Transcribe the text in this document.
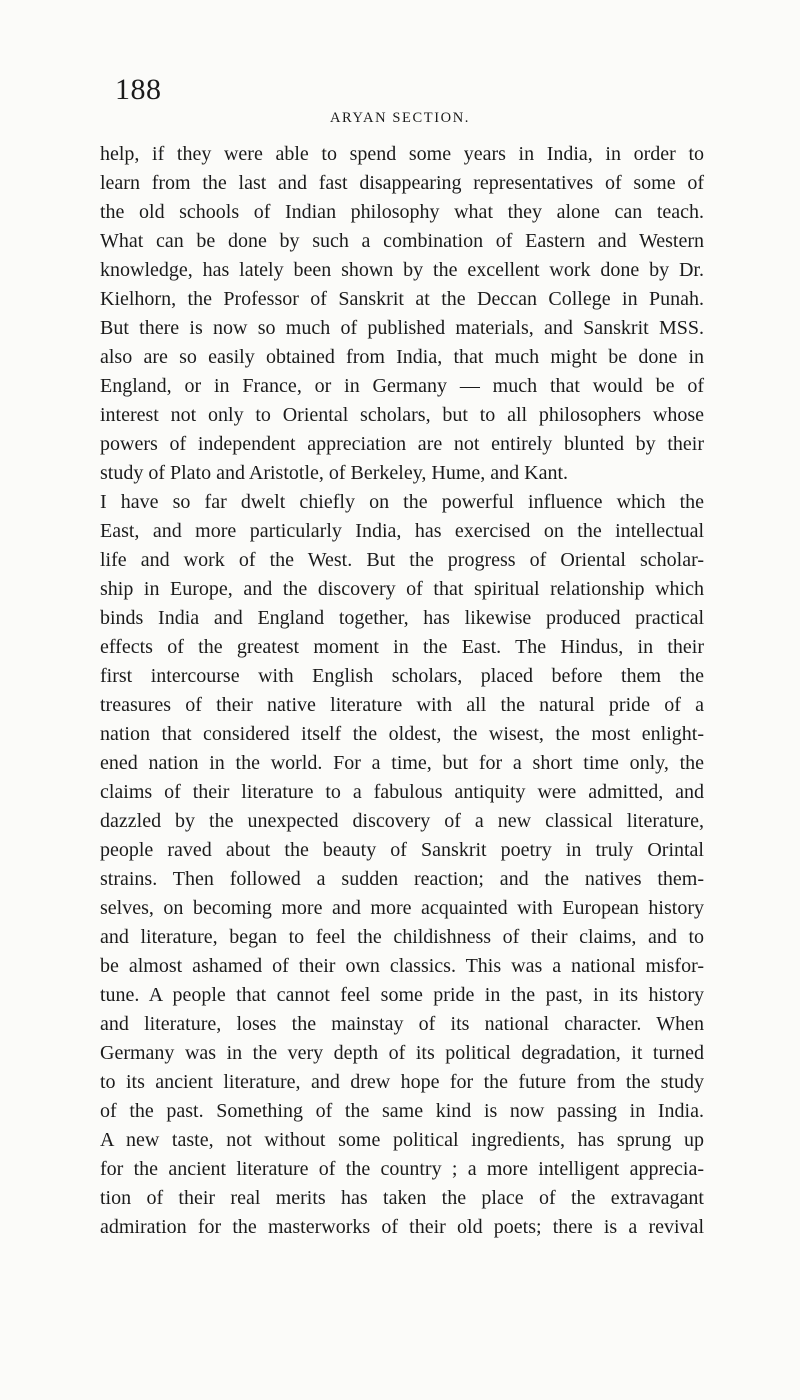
188
ARYAN SECTION.
help, if they were able to spend some years in India, in order to
learn from the last and fast disappearing representatives of some of
the old schools of Indian philosophy what they alone can teach.
What can be done by such a combination of Eastern and Western
knowledge, has lately been shown by the excellent work done by Dr.
Kielhorn, the Professor of Sanskrit at the Deccan College in Punah.
But there is now so much of published materials, and Sanskrit MSS.
also are so easily obtained from India, that much might be done in
England, or in France, or in Germany — much that would be of
interest not only to Oriental scholars, but to all philosophers whose
powers of independent appreciation are not entirely blunted by their
study of Plato and Aristotle, of Berkeley, Hume, and Kant.
I have so far dwelt chiefly on the powerful influence which the
East, and more particularly India, has exercised on the intellectual
life and work of the West. But the progress of Oriental scholar-
ship in Europe, and the discovery of that spiritual relationship which
binds India and England together, has likewise produced practical
effects of the greatest moment in the East. The Hindus, in their
first intercourse with English scholars, placed before them the
treasures of their native literature with all the natural pride of a
nation that considered itself the oldest, the wisest, the most enlight-
ened nation in the world. For a time, but for a short time only, the
claims of their literature to a fabulous antiquity were admitted, and
dazzled by the unexpected discovery of a new classical literature,
people raved about the beauty of Sanskrit poetry in truly Orintal
strains. Then followed a sudden reaction; and the natives them-
selves, on becoming more and more acquainted with European history
and literature, began to feel the childishness of their claims, and to
be almost ashamed of their own classics. This was a national misfor-
tune. A people that cannot feel some pride in the past, in its history
and literature, loses the mainstay of its national character. When
Germany was in the very depth of its political degradation, it turned
to its ancient literature, and drew hope for the future from the study
of the past. Something of the same kind is now passing in India.
A new taste, not without some political ingredients, has sprung up
for the ancient literature of the country ; a more intelligent apprecia-
tion of their real merits has taken the place of the extravagant
admiration for the masterworks of their old poets; there is a revival
